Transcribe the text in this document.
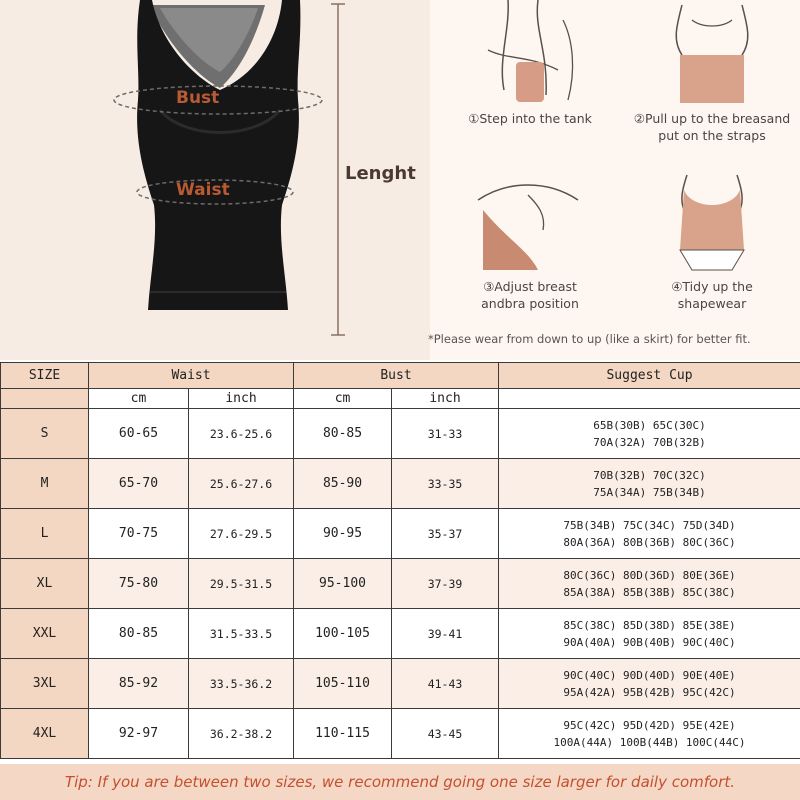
Bust
Waist
Lenght
①Step into the tank	②Pull up to the breasand
put on the straps
③Adjust breast
andbra position
④Tidy up the
shapewear
*Please wear from down to up (like a skirt) for better fit.
SIZE	Waist		Bust		Suggest Cup
	cm	inch	cm	inch	
S	60-65	23.6-25.6	80-85	31-33	65B(30B) 65C(30C)
70A(32A) 70B(32B)

M	65-70	25.6-27.6	85-90	33-35	70B(32B) 70C(32C)
75A(34A) 75B(34B)

L	70-75	27.6-29.5	90-95	35-37	75B(34B) 75C(34C) 75D(34D)
80A(36A) 80B(36B) 80C(36C)

XL	75-80	29.5-31.5	95-100	37-39	80C(36C) 80D(36D) 80E(36E)
85A(38A) 85B(38B) 85C(38C)

XXL	80-85	31.5-33.5	100-105	39-41	85C(38C) 85D(38D) 85E(38E)
90A(40A) 90B(40B) 90C(40C)

3XL	85-92	33.5-36.2	105-110	41-43	90C(40C) 90D(40D) 90E(40E)
95A(42A) 95B(42B) 95C(42C)

4XL	92-97	36.2-38.2	110-115	43-45	95C(42C) 95D(42D) 95E(42E)
100A(44A) 100B(44B) 100C(44C)
Tip: If you are between two sizes, we recommend going one size larger for daily comfort.
